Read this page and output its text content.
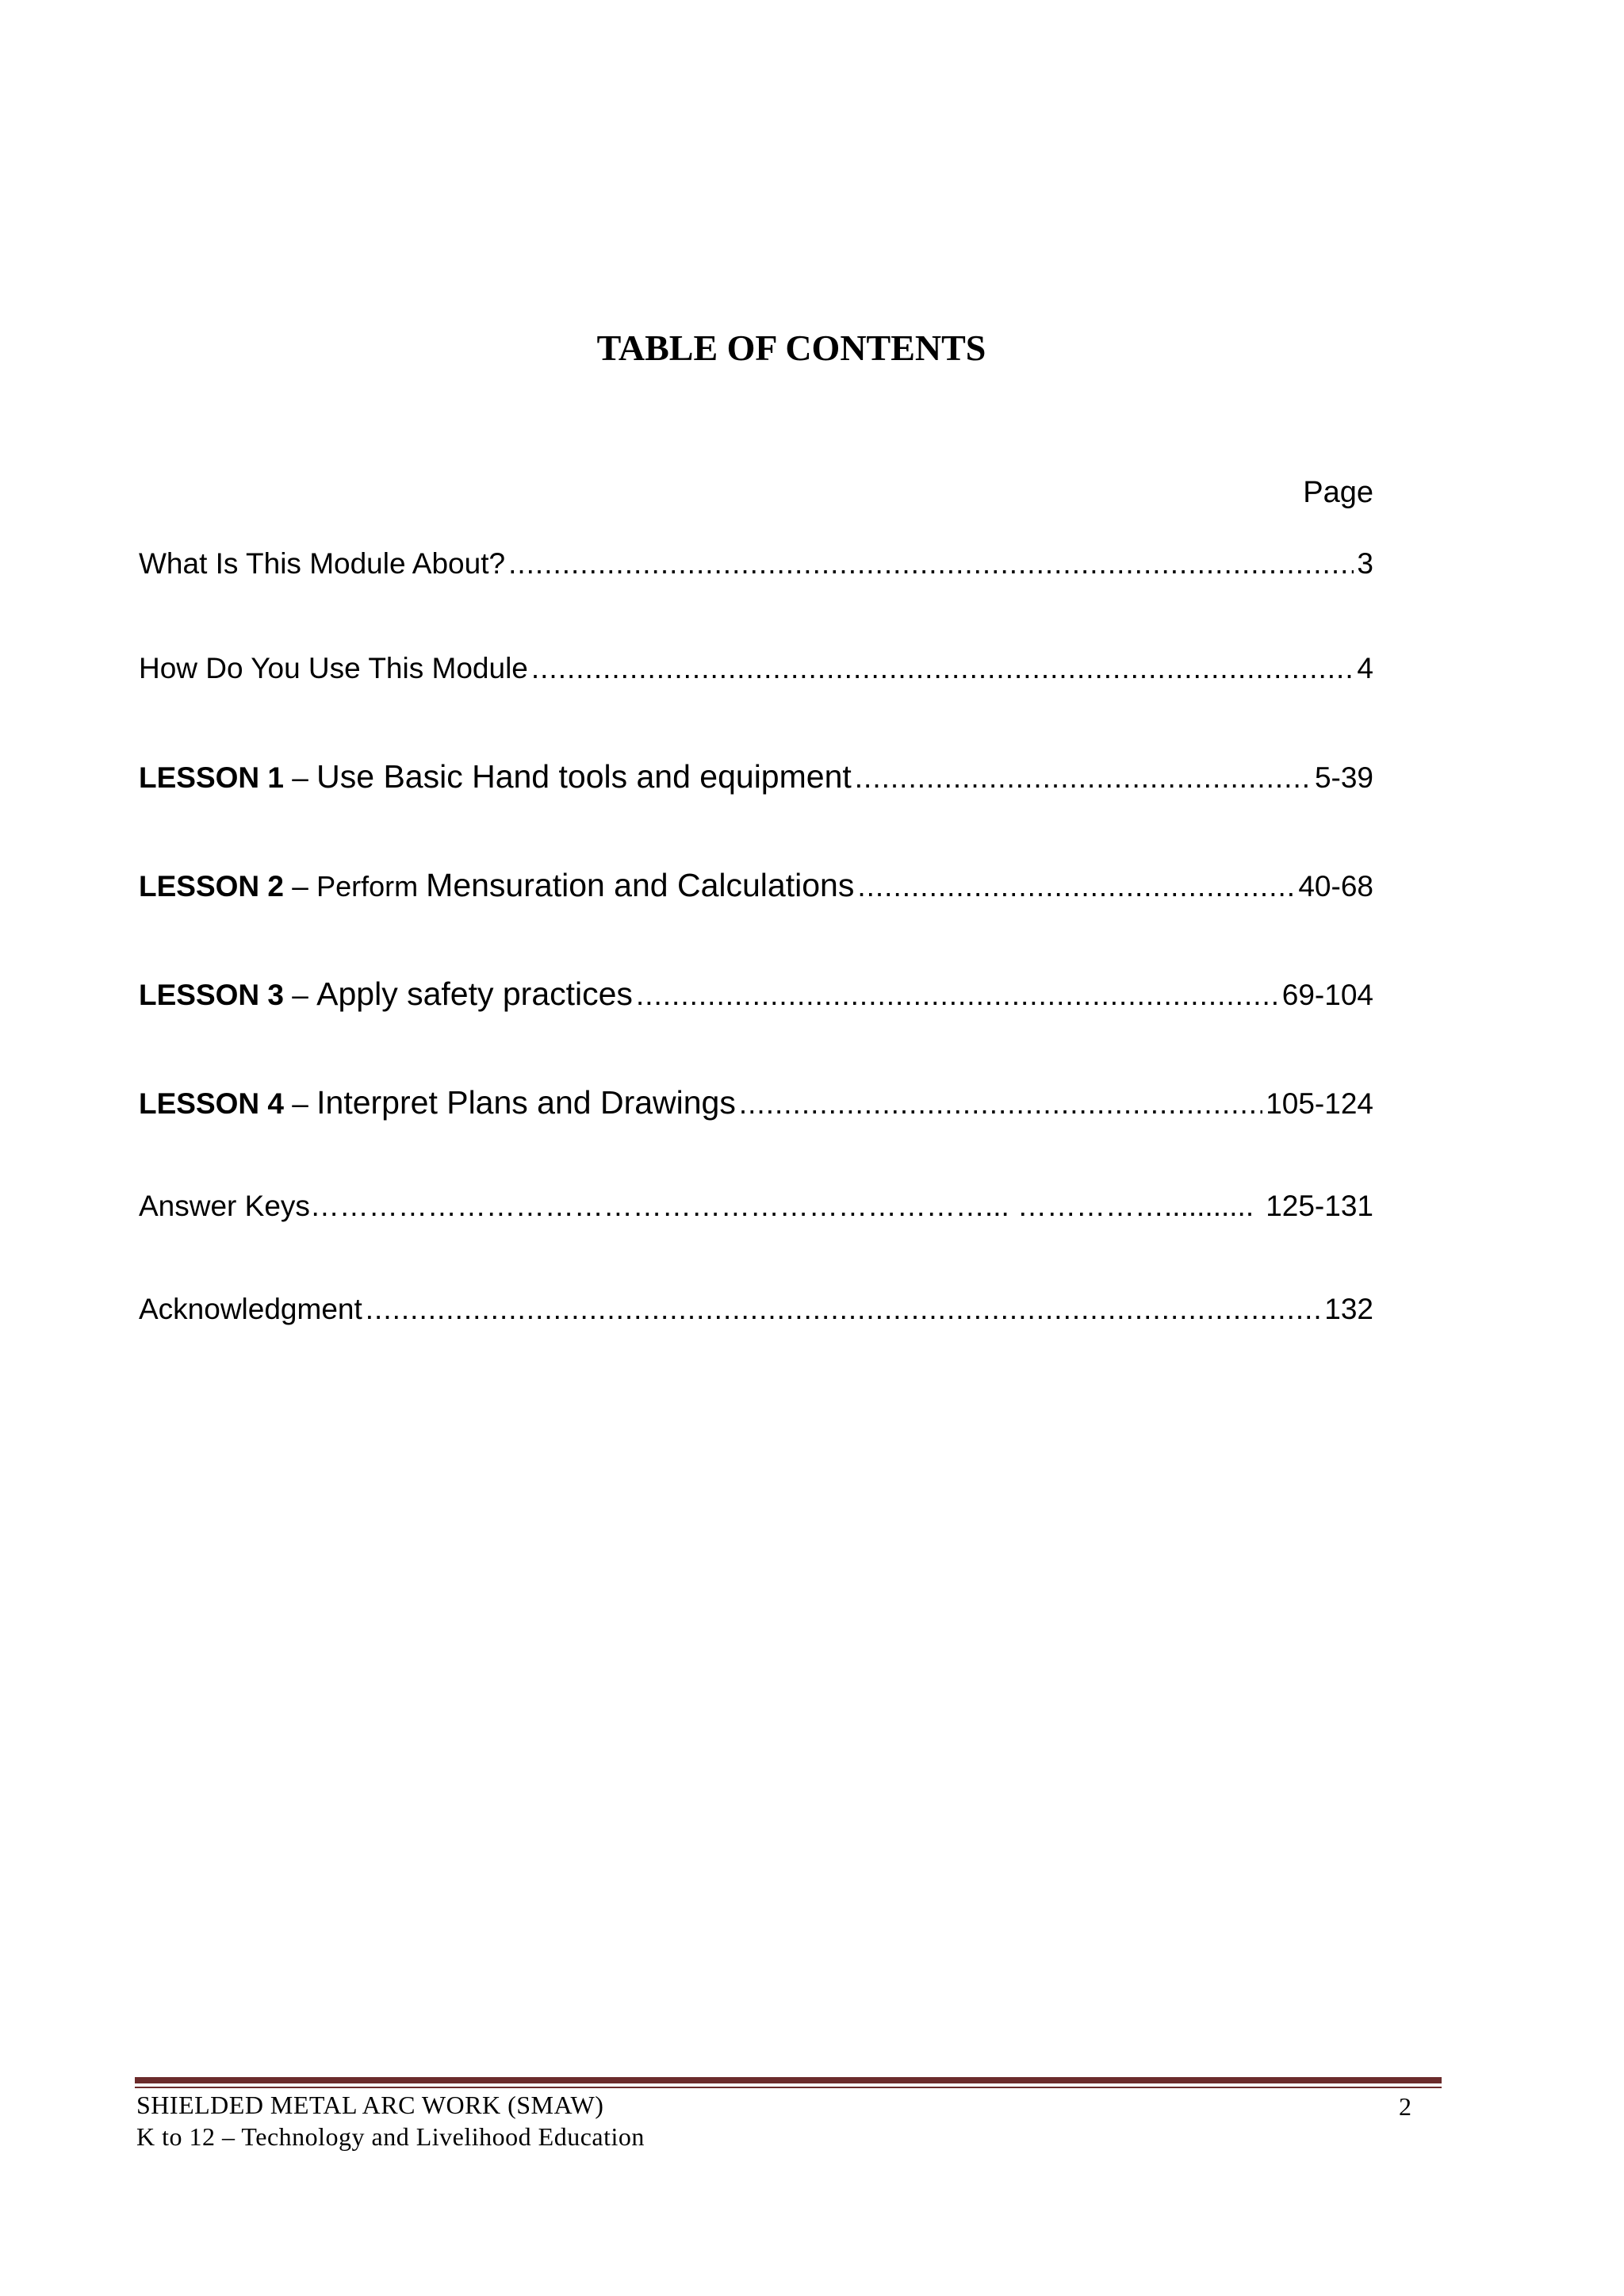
TABLE OF CONTENTS
Page
What Is This Module About? .....	3
How Do You Use This Module .....	4
LESSON 1 – Use Basic Hand tools and equipment .....	5-39
LESSON 2 – Perform Mensuration and Calculations .....	40-68
LESSON 3 – Apply safety practices .....	69-104
LESSON 4 – Interpret Plans and Drawings .....	105-124
Answer Keys……………………………………………………………... ……………........... 125-131
Acknowledgment .....	132
SHIELDED METAL ARC WORK (SMAW)
K to 12 – Technology and Livelihood Education
2
